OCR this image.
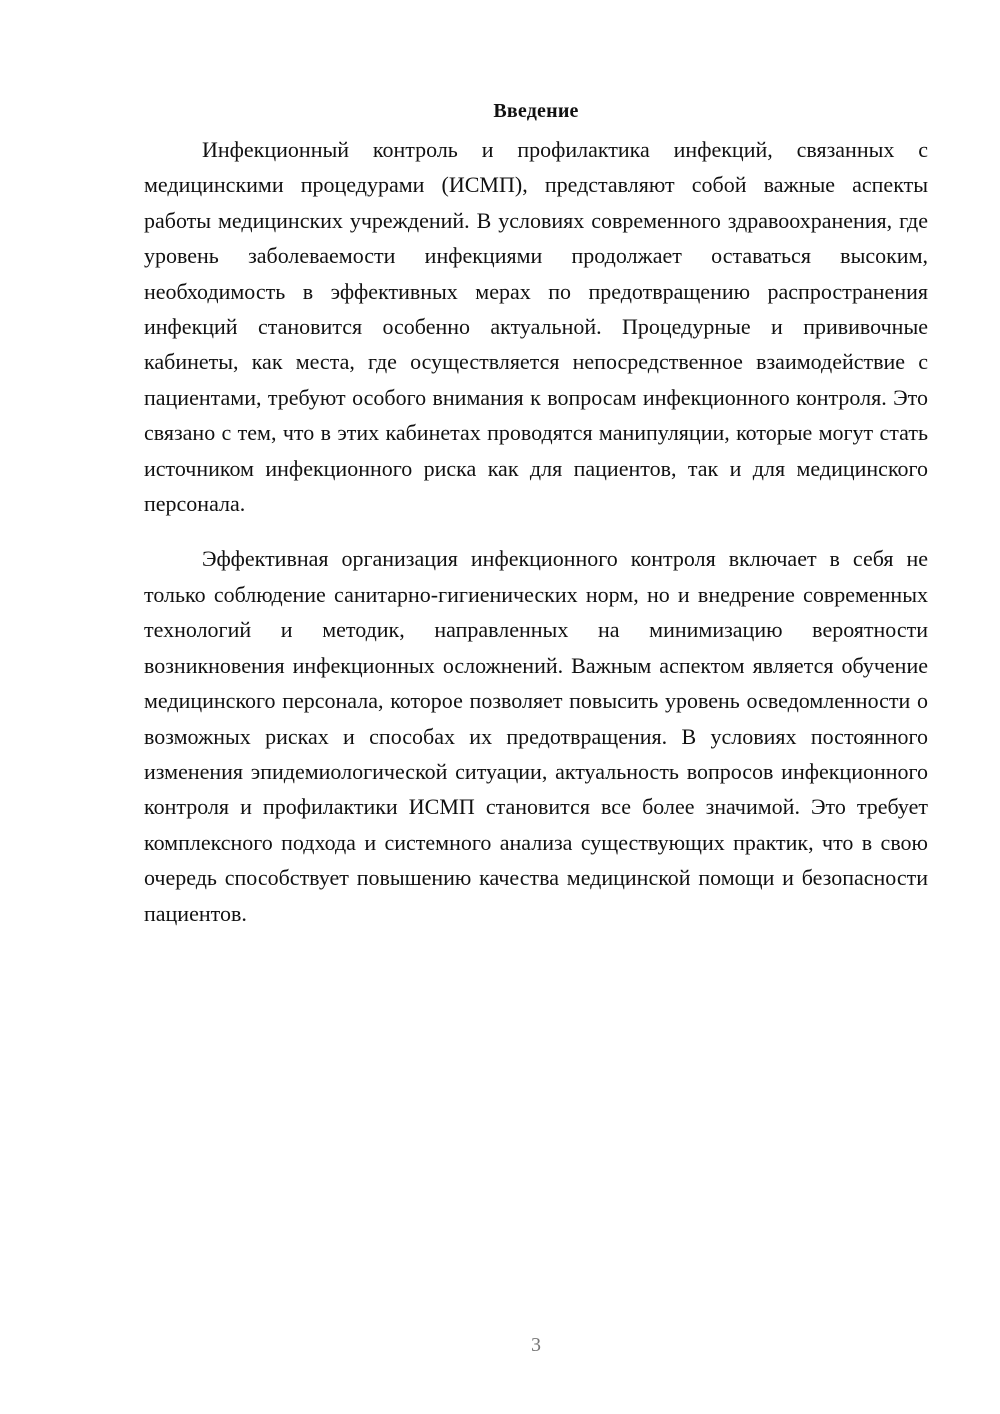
Введение

Инфекционный контроль и профилактика инфекций, связанных с медицинскими процедурами (ИСМП), представляют собой важные аспекты работы медицинских учреждений. В условиях современного здравоохранения, где уровень заболеваемости инфекциями продолжает оставаться высоким, необходимость в эффективных мерах по предотвращению распространения инфекций становится особенно актуальной. Процедурные и прививочные кабинеты, как места, где осуществляется непосредственное взаимодействие с пациентами, требуют особого внимания к вопросам инфекционного контроля. Это связано с тем, что в этих кабинетах проводятся манипуляции, которые могут стать источником инфекционного риска как для пациентов, так и для медицинского персонала.

Эффективная организация инфекционного контроля включает в себя не только соблюдение санитарно-гигиенических норм, но и внедрение современных технологий и методик, направленных на минимизацию вероятности возникновения инфекционных осложнений. Важным аспектом является обучение медицинского персонала, которое позволяет повысить уровень осведомленности о возможных рисках и способах их предотвращения. В условиях постоянного изменения эпидемиологической ситуации, актуальность вопросов инфекционного контроля и профилактики ИСМП становится все более значимой. Это требует комплексного подхода и системного анализа существующих практик, что в свою очередь способствует повышению качества медицинской помощи и безопасности пациентов.

3
